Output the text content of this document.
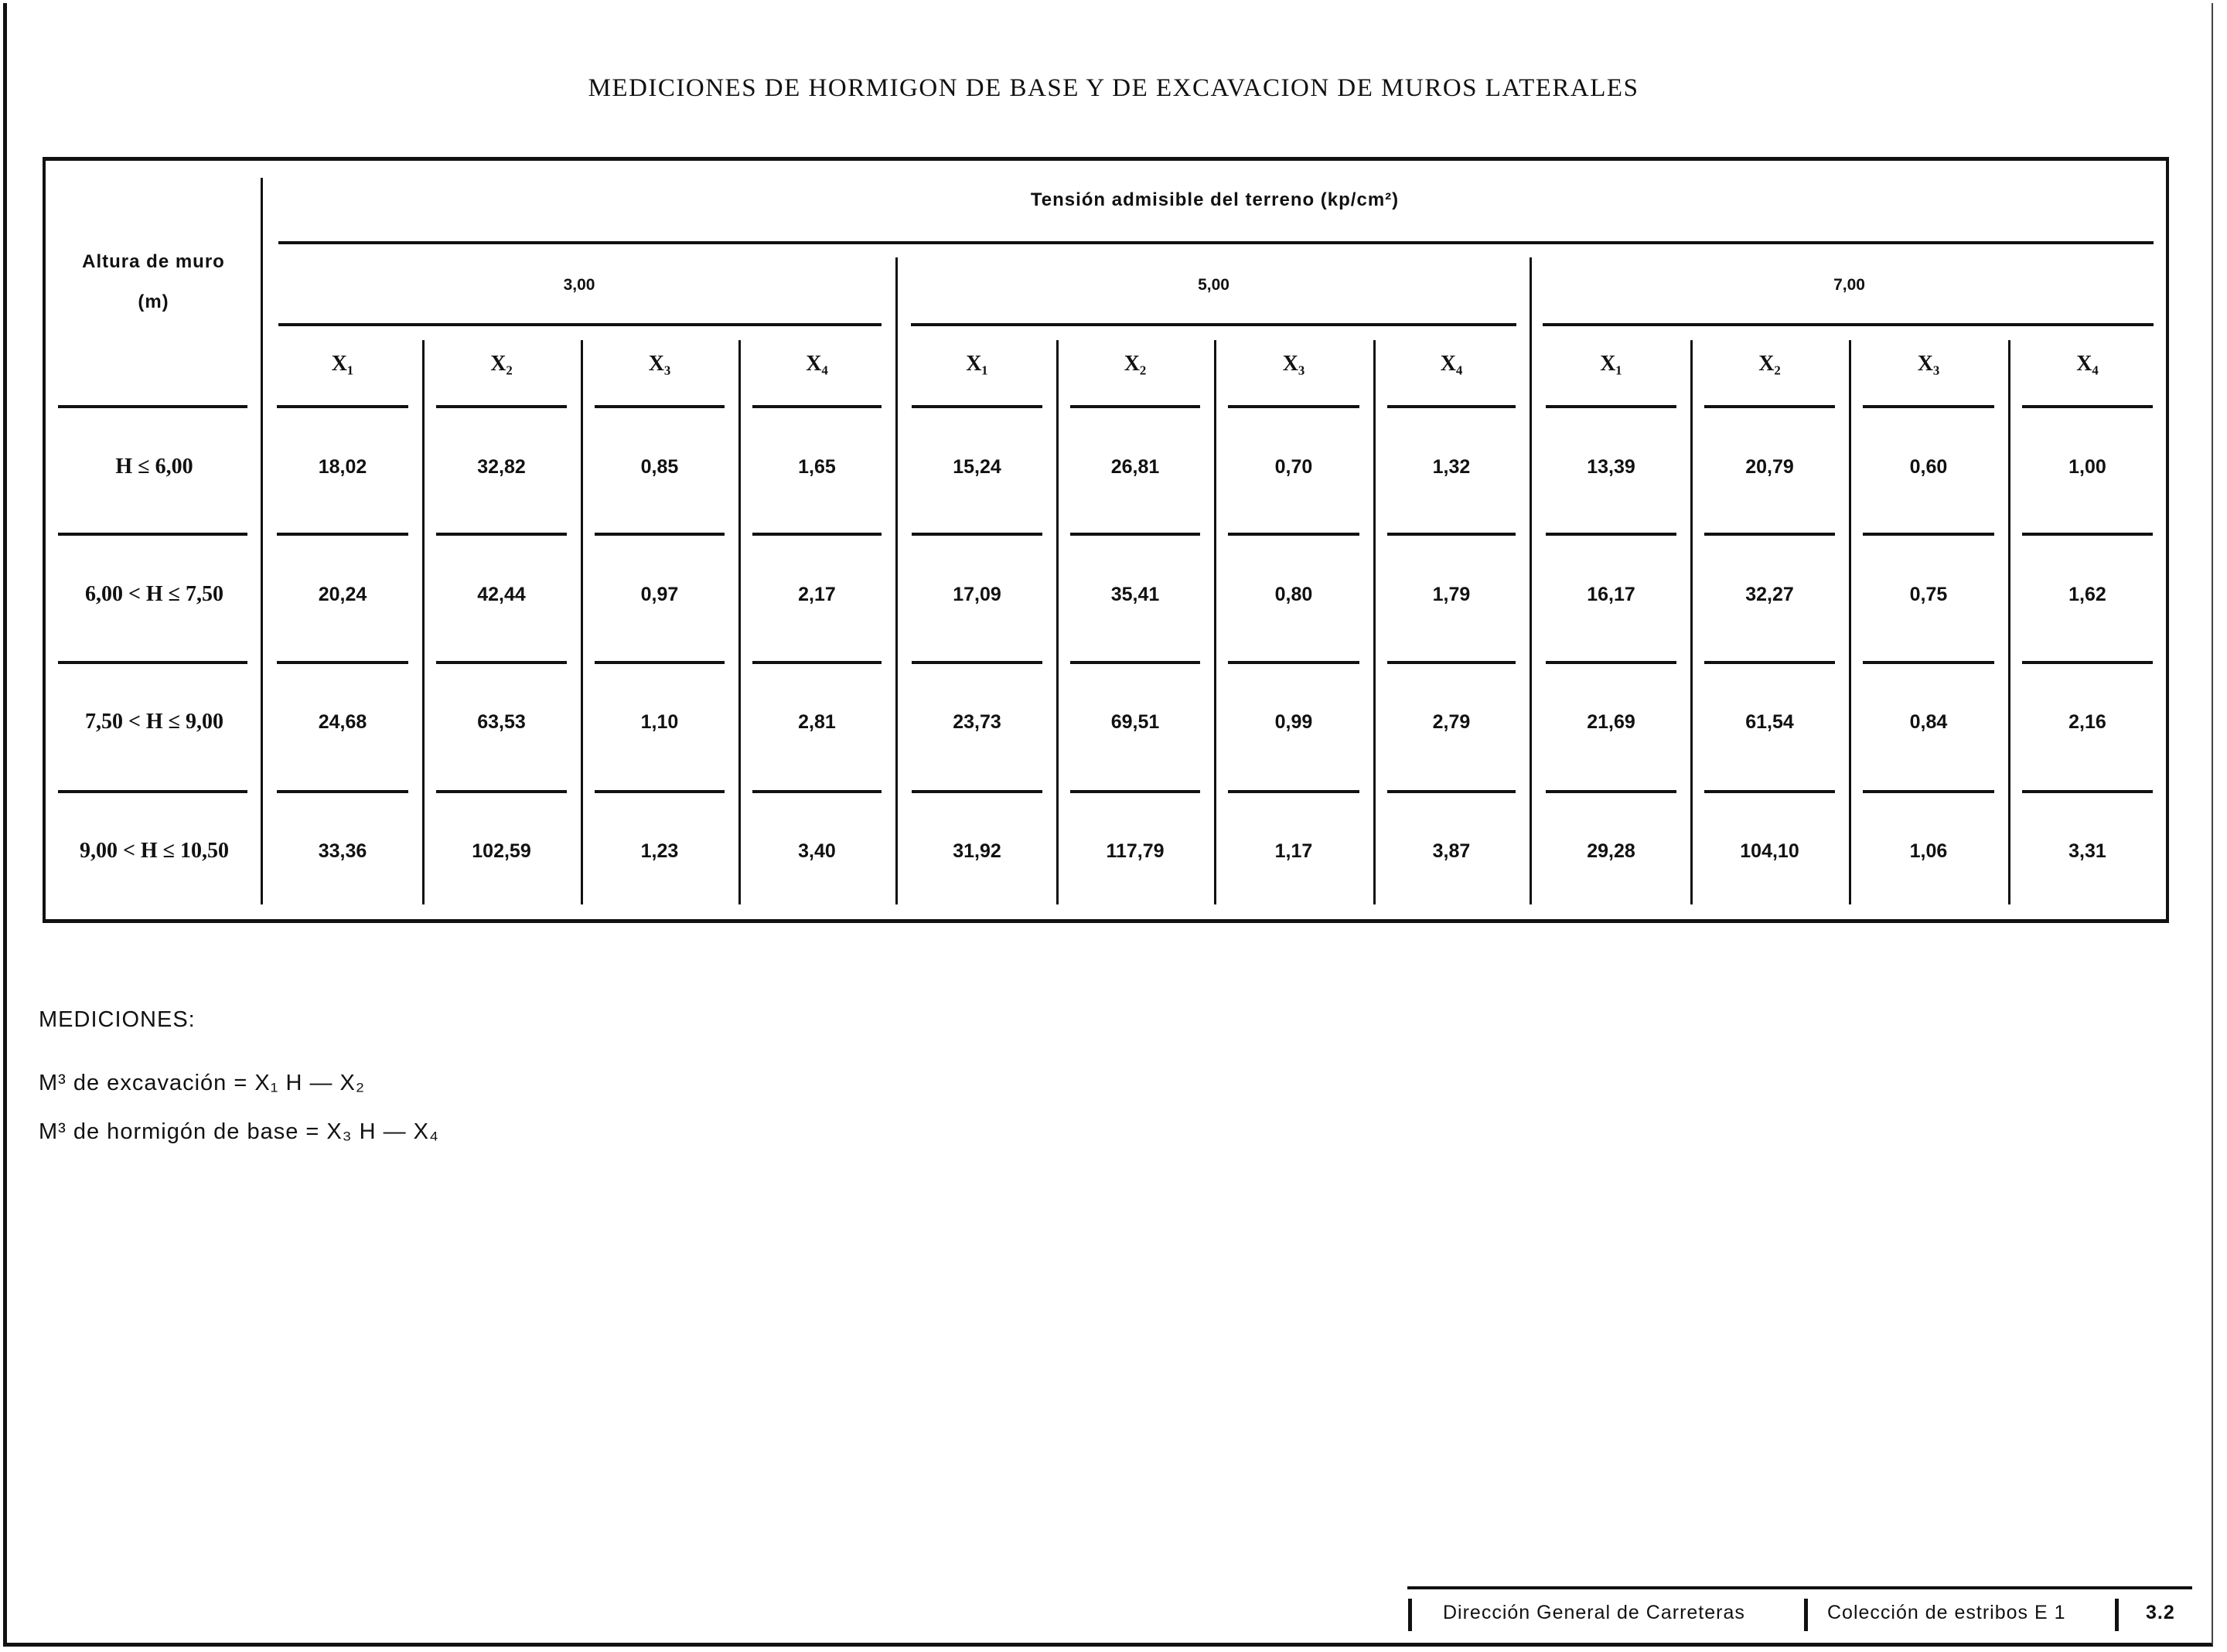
MEDICIONES DE HORMIGON DE BASE Y DE EXCAVACION DE MUROS LATERALES
Altura de muro
(m)
Tensión admisible del terreno (kp/cm²)
3,00	5,00	7,00
X₁	X₂	X₃	X₄	X₁	X₂	X₃	X₄	X₁	X₂	X₃	X₄
H ≤ 6,00	18,02	32,82	0,85	1,65	15,24	26,81	0,70	1,32	13,39	20,79	0,60	1,00
6,00 < H ≤ 7,50	20,24	42,44	0,97	2,17	17,09	35,41	0,80	1,79	16,17	32,27	0,75	1,62
7,50 < H ≤ 9,00	24,68	63,53	1,10	2,81	23,73	69,51	0,99	2,79	21,69	61,54	0,84	2,16
9,00 < H ≤ 10,50	33,36	102,59	1,23	3,40	31,92	117,79	1,17	3,87	29,28	104,10	1,06	3,31
MEDICIONES:
M³ de excavación = X₁ H — X₂
M³ de hormigón de base = X₃ H — X₄
Dirección General de Carreteras	Colección de estribos E 1	3.2
